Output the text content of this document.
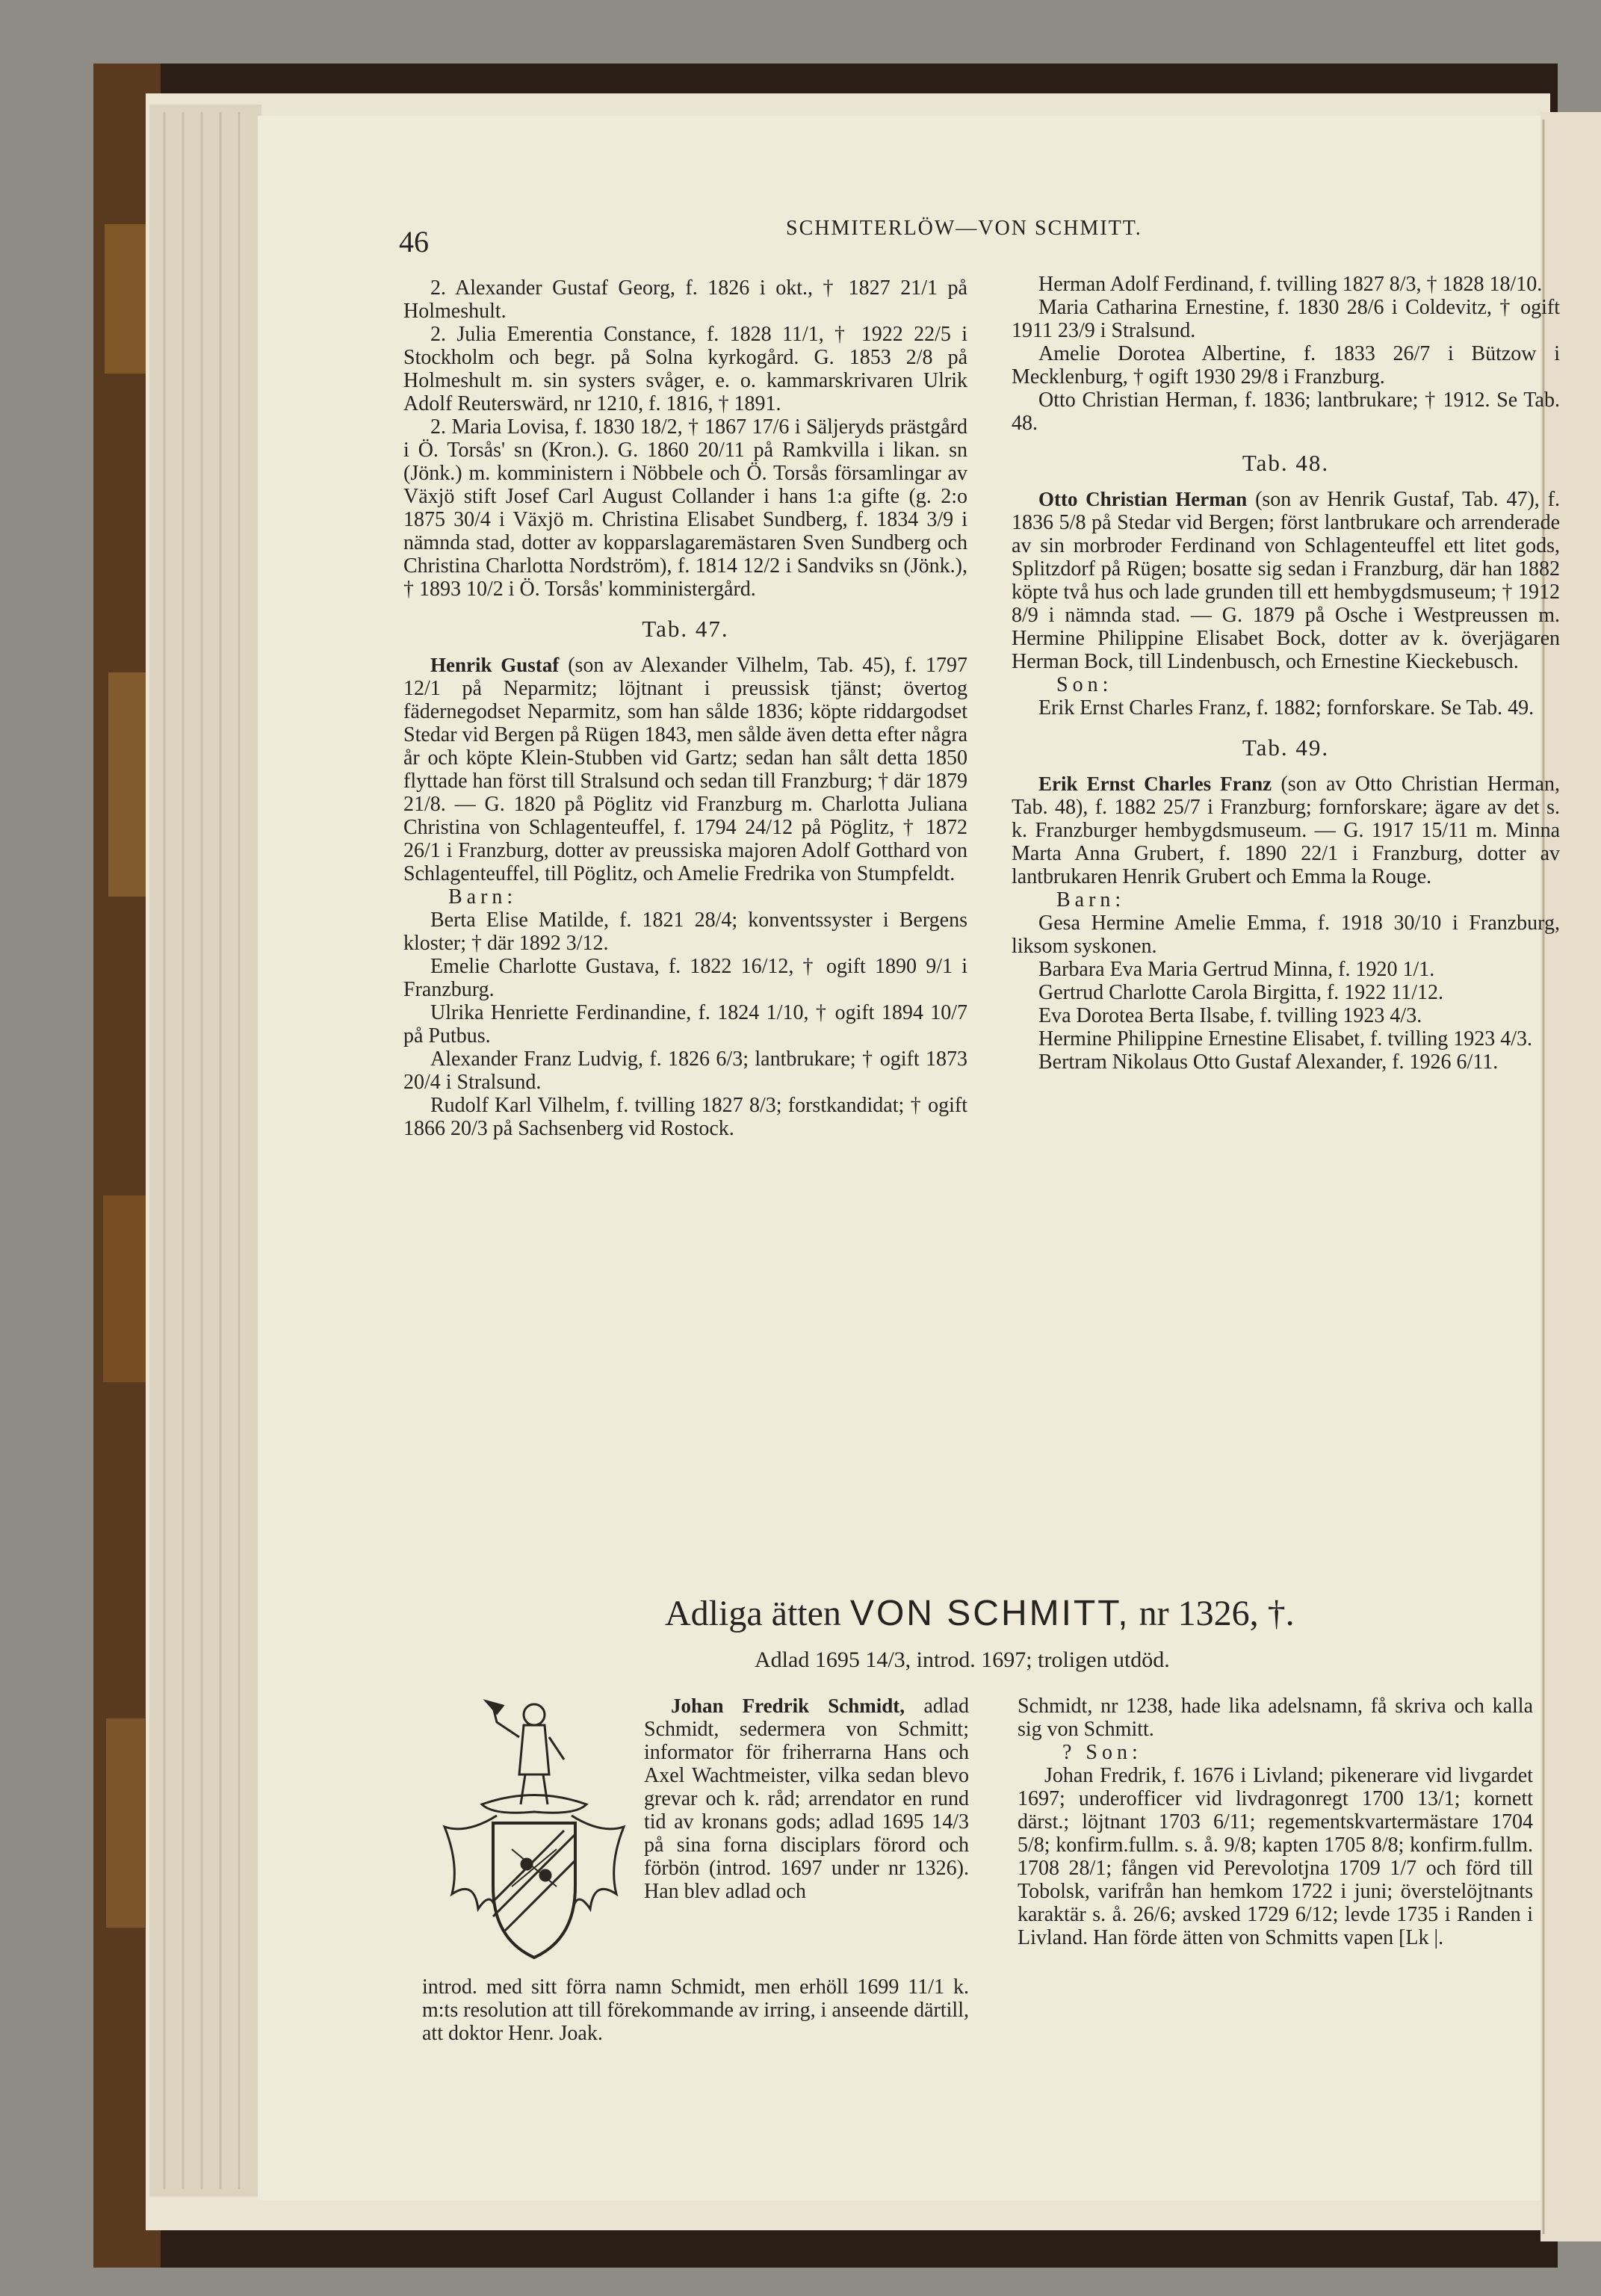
46	SCHMITERLÖW—VON SCHMITT.

2. Alexander Gustaf Georg, f. 1826 i okt., † 1827 21/1 på Holmeshult.

2. Julia Emerentia Constance, f. 1828 11/1, † 1922 22/5 i Stockholm och begr. på Solna kyrkogård. G. 1853 2/8 på Holmeshult m. sin systers svåger, e. o. kammarskrivaren Ulrik Adolf Reuterswärd, nr 1210, f. 1816, † 1891.

2. Maria Lovisa, f. 1830 18/2, † 1867 17/6 i Säljeryds prästgård i Ö. Torsås' sn (Kron.). G. 1860 20/11 på Ramkvilla i likan. sn (Jönk.) m. komministern i Nöbbele och Ö. Torsås församlingar av Växjö stift Josef Carl August Collander i hans 1:a gifte (g. 2:o 1875 30/4 i Växjö m. Christina Elisabet Sundberg, f. 1834 3/9 i nämnda stad, dotter av kopparslagaremästaren Sven Sundberg och Christina Charlotta Nordström), f. 1814 12/2 i Sandviks sn (Jönk.), † 1893 10/2 i Ö. Torsås' komministergård.

Tab. 47.

Henrik Gustaf (son av Alexander Vilhelm, Tab. 45), f. 1797 12/1 på Neparmitz; löjtnant i preussisk tjänst; övertog fädernegodset Neparmitz, som han sålde 1836; köpte riddargodset Stedar vid Bergen på Rügen 1843, men sålde även detta efter några år och köpte Klein-Stubben vid Gartz; sedan han sålt detta 1850 flyttade han först till Stralsund och sedan till Franzburg; † där 1879 21/8. — G. 1820 på Pöglitz vid Franzburg m. Charlotta Juliana Christina von Schlagenteuffel, f. 1794 24/12 på Pöglitz, † 1872 26/1 i Franzburg, dotter av preussiska majoren Adolf Gotthard von Schlagenteuffel, till Pöglitz, och Amelie Fredrika von Stumpfeldt.

Barn:

Berta Elise Matilde, f. 1821 28/4; konventssyster i Bergens kloster; † där 1892 3/12.

Emelie Charlotte Gustava, f. 1822 16/12, † ogift 1890 9/1 i Franzburg.

Ulrika Henriette Ferdinandine, f. 1824 1/10, † ogift 1894 10/7 på Putbus.

Alexander Franz Ludvig, f. 1826 6/3; lantbrukare; † ogift 1873 20/4 i Stralsund.

Rudolf Karl Vilhelm, f. tvilling 1827 8/3; forstkandidat; † ogift 1866 20/3 på Sachsenberg vid Rostock.

Herman Adolf Ferdinand, f. tvilling 1827 8/3, † 1828 18/10.

Maria Catharina Ernestine, f. 1830 28/6 i Coldevitz, † ogift 1911 23/9 i Stralsund.

Amelie Dorotea Albertine, f. 1833 26/7 i Bützow i Mecklenburg, † ogift 1930 29/8 i Franzburg.

Otto Christian Herman, f. 1836; lantbrukare; † 1912. Se Tab. 48.

Tab. 48.

Otto Christian Herman (son av Henrik Gustaf, Tab. 47), f. 1836 5/8 på Stedar vid Bergen; först lantbrukare och arrenderade av sin morbroder Ferdinand von Schlagenteuffel ett litet gods, Splitzdorf på Rügen; bosatte sig sedan i Franzburg, där han 1882 köpte två hus och lade grunden till ett hembygdsmuseum; † 1912 8/9 i nämnda stad. — G. 1879 på Osche i Westpreussen m. Hermine Philippine Elisabet Bock, dotter av k. överjägaren Herman Bock, till Lindenbusch, och Ernestine Kieckebusch.

Son:

Erik Ernst Charles Franz, f. 1882; fornforskare. Se Tab. 49.

Tab. 49.

Erik Ernst Charles Franz (son av Otto Christian Herman, Tab. 48), f. 1882 25/7 i Franzburg; fornforskare; ägare av det s. k. Franzburger hembygdsmuseum. — G. 1917 15/11 m. Minna Marta Anna Grubert, f. 1890 22/1 i Franzburg, dotter av lantbrukaren Henrik Grubert och Emma la Rouge.

Barn:

Gesa Hermine Amelie Emma, f. 1918 30/10 i Franzburg, liksom syskonen.

Barbara Eva Maria Gertrud Minna, f. 1920 1/1.

Gertrud Charlotte Carola Birgitta, f. 1922 11/12.

Eva Dorotea Berta Ilsabe, f. tvilling 1923 4/3.

Hermine Philippine Ernestine Elisabet, f. tvilling 1923 4/3.

Bertram Nikolaus Otto Gustaf Alexander, f. 1926 6/11.

Adliga ätten VON SCHMITT, nr 1326, †.
Adlad 1695 14/3, introd. 1697; troligen utdöd.

Johan Fredrik Schmidt, adlad Schmidt, sedermera von Schmitt; informator för friherrarna Hans och Axel Wachtmeister, vilka sedan blevo grevar och k. råd; arrendator en rund tid av kronans gods; adlad 1695 14/3 på sina forna disciplars förord och förbön (introd. 1697 under nr 1326). Han blev adlad och

introd. med sitt förra namn Schmidt, men erhöll 1699 11/1 k. m:ts resolution att till förekommande av irring, i anseende därtill, att doktor Henr. Joak.

Schmidt, nr 1238, hade lika adelsnamn, få skriva och kalla sig von Schmitt.

? Son:

Johan Fredrik, f. 1676 i Livland; pikenerare vid livgardet 1697; underofficer vid livdragonregt 1700 13/1; kornett därst.; löjtnant 1703 6/11; regementskvartermästare 1704 5/8; konfirm.fullm. s. å. 9/8; kapten 1705 8/8; konfirm.fullm. 1708 28/1; fången vid Perevolotjna 1709 1/7 och förd till Tobolsk, varifrån han hemkom 1722 i juni; överstelöjtnants karaktär s. å. 26/6; avsked 1729 6/12; levde 1735 i Randen i Livland. Han förde ätten von Schmitts vapen [Lk |.
